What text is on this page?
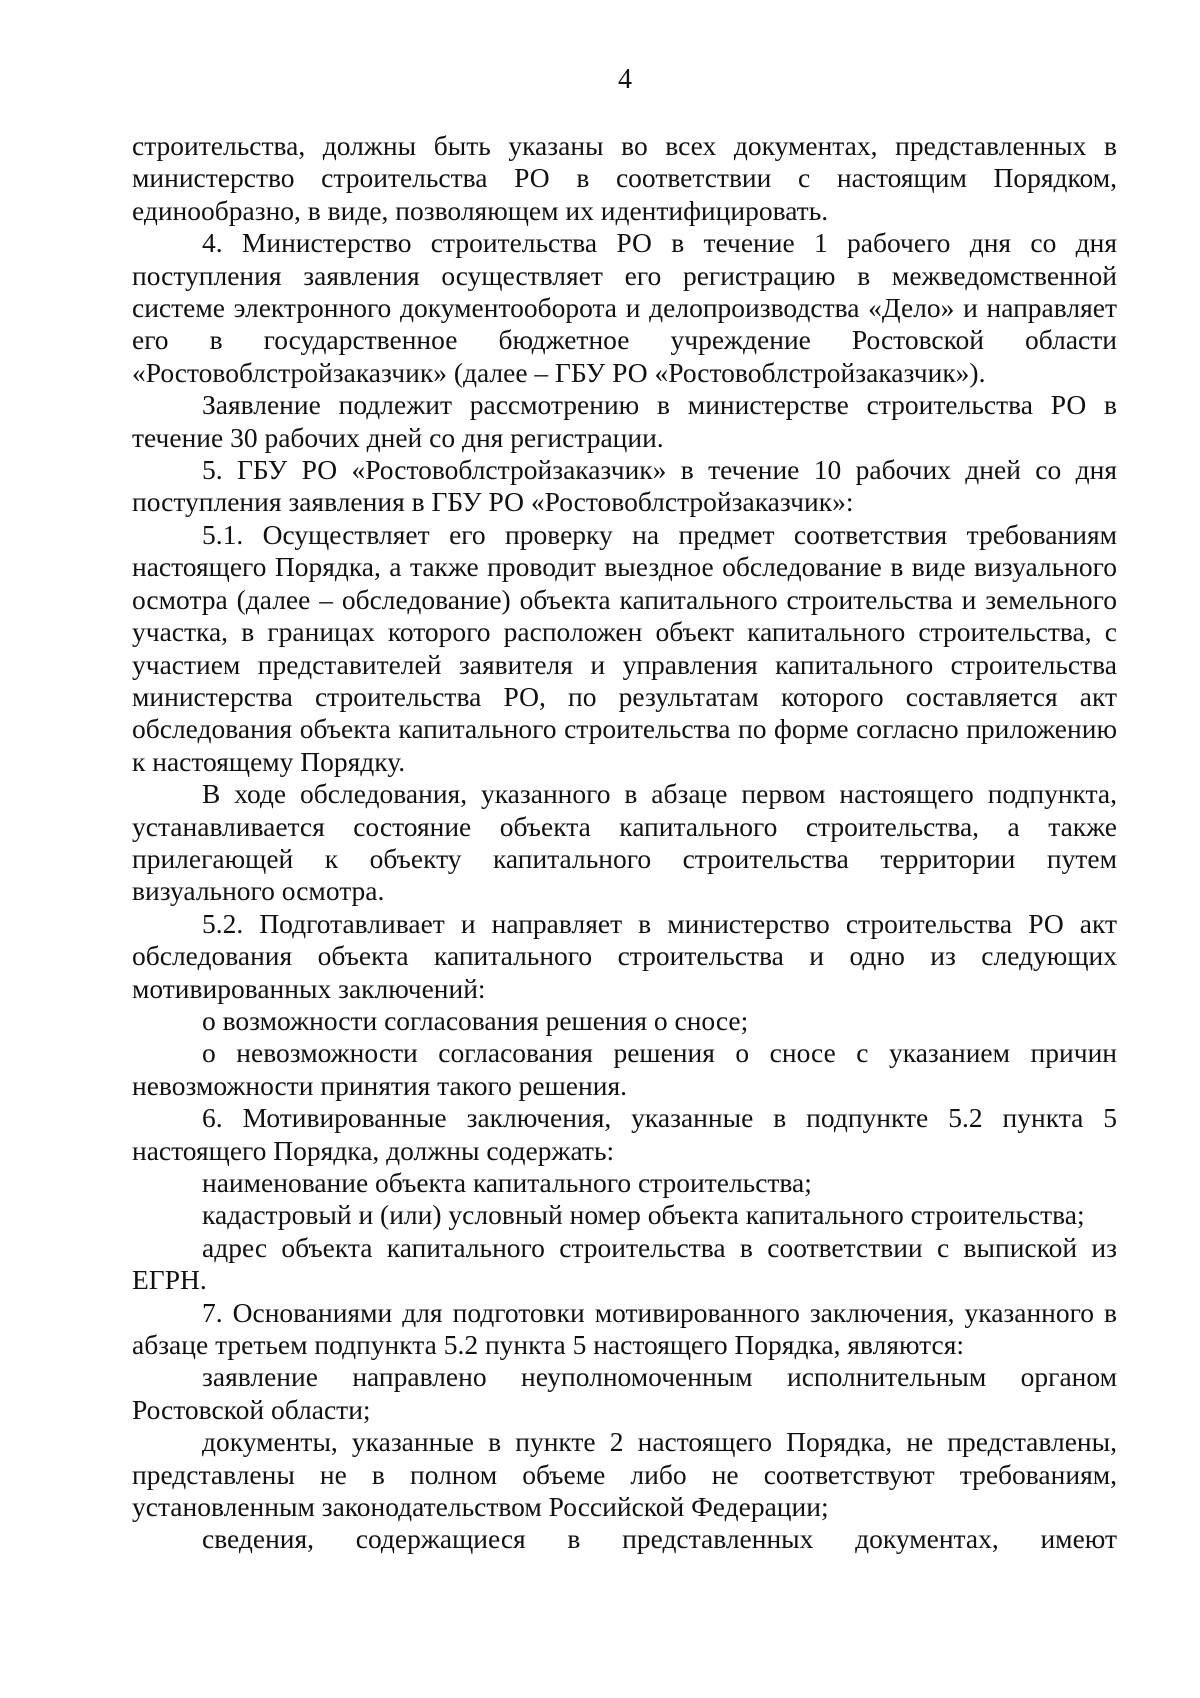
4

строительства, должны быть указаны во всех документах, представленных в министерство строительства РО в соответствии с настоящим Порядком, единообразно, в виде, позволяющем их идентифицировать.

4. Министерство строительства РО в течение 1 рабочего дня со дня поступления заявления осуществляет его регистрацию в межведомственной системе электронного документооборота и делопроизводства «Дело» и направляет его в государственное бюджетное учреждение Ростовской области «Ростовоблстройзаказчик» (далее – ГБУ РО «Ростовоблстройзаказчик»).

Заявление подлежит рассмотрению в министерстве строительства РО в течение 30 рабочих дней со дня регистрации.

5. ГБУ РО «Ростовоблстройзаказчик» в течение 10 рабочих дней со дня поступления заявления в ГБУ РО «Ростовоблстройзаказчик»:

5.1. Осуществляет его проверку на предмет соответствия требованиям настоящего Порядка, а также проводит выездное обследование в виде визуального осмотра (далее – обследование) объекта капитального строительства и земельного участка, в границах которого расположен объект капитального строительства, с участием представителей заявителя и управления капитального строительства министерства строительства РО, по результатам которого составляется акт обследования объекта капитального строительства по форме согласно приложению к настоящему Порядку.

В ходе обследования, указанного в абзаце первом настоящего подпункта, устанавливается состояние объекта капитального строительства, а также прилегающей к объекту капитального строительства территории путем визуального осмотра.

5.2. Подготавливает и направляет в министерство строительства РО акт обследования объекта капитального строительства и одно из следующих мотивированных заключений:

о возможности согласования решения о сносе;

о невозможности согласования решения о сносе с указанием причин невозможности принятия такого решения.

6. Мотивированные заключения, указанные в подпункте 5.2 пункта 5 настоящего Порядка, должны содержать:

наименование объекта капитального строительства;

кадастровый и (или) условный номер объекта капитального строительства;

адрес объекта капитального строительства в соответствии с выпиской из ЕГРН.

7. Основаниями для подготовки мотивированного заключения, указанного в абзаце третьем подпункта 5.2 пункта 5 настоящего Порядка, являются:

заявление направлено неуполномоченным исполнительным органом Ростовской области;

документы, указанные в пункте 2 настоящего Порядка, не представлены, представлены не в полном объеме либо не соответствуют требованиям, установленным законодательством Российской Федерации;

сведения, содержащиеся в представленных документах, имеют
